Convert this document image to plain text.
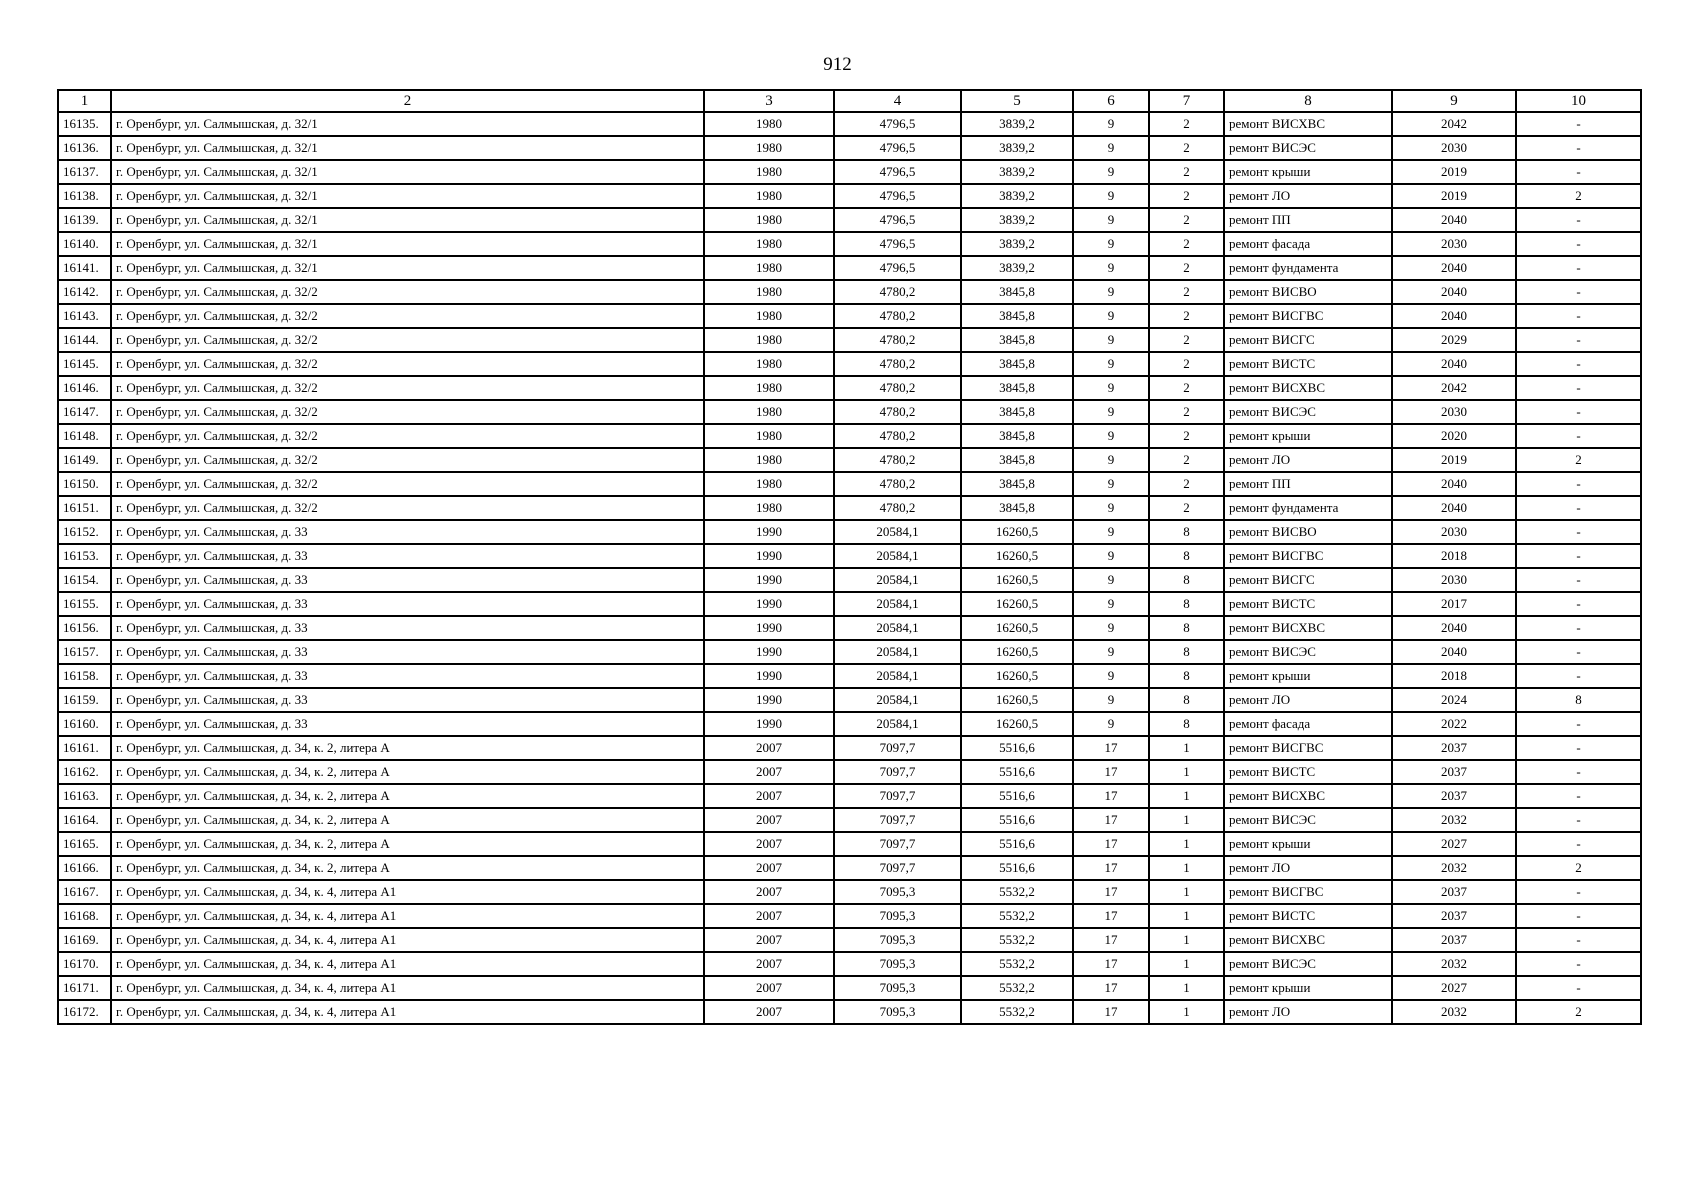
912
1	2	3	4	5	6	7	8	9	10
16135.	г. Оренбург, ул. Салмышская, д. 32/1	1980	4796,5	3839,2	9	2	ремонт ВИСХВС	2042	-
16136.	г. Оренбург, ул. Салмышская, д. 32/1	1980	4796,5	3839,2	9	2	ремонт ВИСЭС	2030	-
16137.	г. Оренбург, ул. Салмышская, д. 32/1	1980	4796,5	3839,2	9	2	ремонт крыши	2019	-
16138.	г. Оренбург, ул. Салмышская, д. 32/1	1980	4796,5	3839,2	9	2	ремонт ЛО	2019	2
16139.	г. Оренбург, ул. Салмышская, д. 32/1	1980	4796,5	3839,2	9	2	ремонт ПП	2040	-
16140.	г. Оренбург, ул. Салмышская, д. 32/1	1980	4796,5	3839,2	9	2	ремонт фасада	2030	-
16141.	г. Оренбург, ул. Салмышская, д. 32/1	1980	4796,5	3839,2	9	2	ремонт фундамента	2040	-
16142.	г. Оренбург, ул. Салмышская, д. 32/2	1980	4780,2	3845,8	9	2	ремонт ВИСВО	2040	-
16143.	г. Оренбург, ул. Салмышская, д. 32/2	1980	4780,2	3845,8	9	2	ремонт ВИСГВС	2040	-
16144.	г. Оренбург, ул. Салмышская, д. 32/2	1980	4780,2	3845,8	9	2	ремонт ВИСГС	2029	-
16145.	г. Оренбург, ул. Салмышская, д. 32/2	1980	4780,2	3845,8	9	2	ремонт ВИСТС	2040	-
16146.	г. Оренбург, ул. Салмышская, д. 32/2	1980	4780,2	3845,8	9	2	ремонт ВИСХВС	2042	-
16147.	г. Оренбург, ул. Салмышская, д. 32/2	1980	4780,2	3845,8	9	2	ремонт ВИСЭС	2030	-
16148.	г. Оренбург, ул. Салмышская, д. 32/2	1980	4780,2	3845,8	9	2	ремонт крыши	2020	-
16149.	г. Оренбург, ул. Салмышская, д. 32/2	1980	4780,2	3845,8	9	2	ремонт ЛО	2019	2
16150.	г. Оренбург, ул. Салмышская, д. 32/2	1980	4780,2	3845,8	9	2	ремонт ПП	2040	-
16151.	г. Оренбург, ул. Салмышская, д. 32/2	1980	4780,2	3845,8	9	2	ремонт фундамента	2040	-
16152.	г. Оренбург, ул. Салмышская, д. 33	1990	20584,1	16260,5	9	8	ремонт ВИСВО	2030	-
16153.	г. Оренбург, ул. Салмышская, д. 33	1990	20584,1	16260,5	9	8	ремонт ВИСГВС	2018	-
16154.	г. Оренбург, ул. Салмышская, д. 33	1990	20584,1	16260,5	9	8	ремонт ВИСГС	2030	-
16155.	г. Оренбург, ул. Салмышская, д. 33	1990	20584,1	16260,5	9	8	ремонт ВИСТС	2017	-
16156.	г. Оренбург, ул. Салмышская, д. 33	1990	20584,1	16260,5	9	8	ремонт ВИСХВС	2040	-
16157.	г. Оренбург, ул. Салмышская, д. 33	1990	20584,1	16260,5	9	8	ремонт ВИСЭС	2040	-
16158.	г. Оренбург, ул. Салмышская, д. 33	1990	20584,1	16260,5	9	8	ремонт крыши	2018	-
16159.	г. Оренбург, ул. Салмышская, д. 33	1990	20584,1	16260,5	9	8	ремонт ЛО	2024	8
16160.	г. Оренбург, ул. Салмышская, д. 33	1990	20584,1	16260,5	9	8	ремонт фасада	2022	-
16161.	г. Оренбург, ул. Салмышская, д. 34, к. 2, литера А	2007	7097,7	5516,6	17	1	ремонт ВИСГВС	2037	-
16162.	г. Оренбург, ул. Салмышская, д. 34, к. 2, литера А	2007	7097,7	5516,6	17	1	ремонт ВИСТС	2037	-
16163.	г. Оренбург, ул. Салмышская, д. 34, к. 2, литера А	2007	7097,7	5516,6	17	1	ремонт ВИСХВС	2037	-
16164.	г. Оренбург, ул. Салмышская, д. 34, к. 2, литера А	2007	7097,7	5516,6	17	1	ремонт ВИСЭС	2032	-
16165.	г. Оренбург, ул. Салмышская, д. 34, к. 2, литера А	2007	7097,7	5516,6	17	1	ремонт крыши	2027	-
16166.	г. Оренбург, ул. Салмышская, д. 34, к. 2, литера А	2007	7097,7	5516,6	17	1	ремонт ЛО	2032	2
16167.	г. Оренбург, ул. Салмышская, д. 34, к. 4, литера А1	2007	7095,3	5532,2	17	1	ремонт ВИСГВС	2037	-
16168.	г. Оренбург, ул. Салмышская, д. 34, к. 4, литера А1	2007	7095,3	5532,2	17	1	ремонт ВИСТС	2037	-
16169.	г. Оренбург, ул. Салмышская, д. 34, к. 4, литера А1	2007	7095,3	5532,2	17	1	ремонт ВИСХВС	2037	-
16170.	г. Оренбург, ул. Салмышская, д. 34, к. 4, литера А1	2007	7095,3	5532,2	17	1	ремонт ВИСЭС	2032	-
16171.	г. Оренбург, ул. Салмышская, д. 34, к. 4, литера А1	2007	7095,3	5532,2	17	1	ремонт крыши	2027	-
16172.	г. Оренбург, ул. Салмышская, д. 34, к. 4, литера А1	2007	7095,3	5532,2	17	1	ремонт ЛО	2032	2
